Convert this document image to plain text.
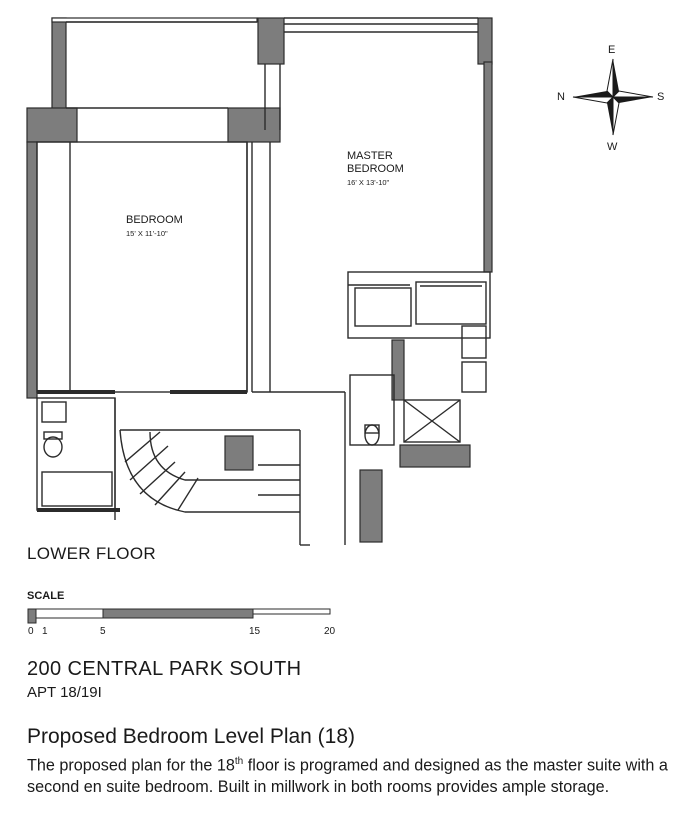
E
N	S
W
MASTER
BEDROOM
16' X 13'-10"
BEDROOM
15' X 11'-10"
LOWER FLOOR
SCALE
0 1	5	15	20
200 CENTRAL PARK SOUTH
APT 18/19I
Proposed Bedroom Level Plan (18)
The proposed plan for the 18th floor is programed and designed as the master suite with a second en suite bedroom. Built in millwork in both rooms provides ample storage.
